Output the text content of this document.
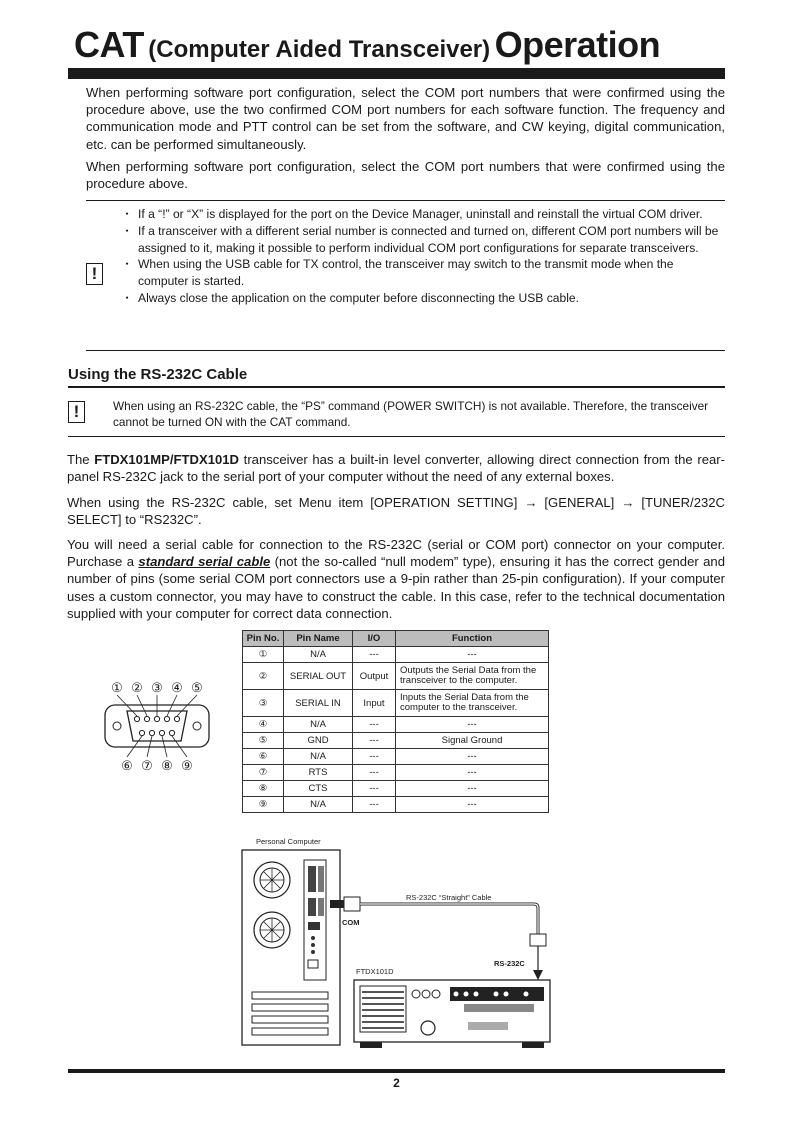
CAT (Computer Aided Transceiver) Operation

When performing software port configuration, select the COM port numbers that were confirmed using the procedure above, use the two confirmed COM port numbers for each software function. The frequency and communication mode and PTT control can be set from the software, and CW keying, digital communication, etc. can be performed simultaneously.

When performing software port configuration, select the COM port numbers that were confirmed using the procedure above.

!
・ If a “!” or “X” is displayed for the port on the Device Manager, uninstall and reinstall the virtual COM driver.
・ If a transceiver with a different serial number is connected and turned on, different COM port numbers will be assigned to it, making it possible to perform individual COM port configurations for separate transceivers.
・ When using the USB cable for TX control, the transceiver may switch to the transmit mode when the computer is started.
・ Always close the application on the computer before disconnecting the USB cable.
Using the RS-232C Cable
!	When using an RS-232C cable, the “PS” command (POWER SWITCH) is not available. Therefore, the transceiver cannot be turned ON with the CAT command.

The FTDX101MP/FTDX101D transceiver has a built-in level converter, allowing direct connection from the rear-panel RS-232C jack to the serial port of your computer without the need of any external boxes.

When using the RS-232C cable, set Menu item [OPERATION SETTING] → [GENERAL] → [TUNER/232C SELECT] to “RS232C”.

You will need a serial cable for connection to the RS-232C (serial or COM port) connector on your computer. Purchase a standard serial cable (not the so-called “null modem” type), ensuring it has the correct gender and number of pins (some serial COM port connectors use a 9-pin rather than 25-pin configuration). If your computer uses a custom connector, you may have to construct the cable. In this case, refer to the technical documentation supplied with your computer for correct data connection.

① ② ③ ④ ⑤
⑥ ⑦ ⑧ ⑨
Pin No.	Pin Name	I/O	Function
①	N/A	---	---
②	SERIAL OUT	Output	Outputs the Serial Data from the transceiver to the computer.
③	SERIAL IN	Input	Inputs the Serial Data from the computer to the transceiver.
④	N/A	---	---
⑤	GND	---	Signal Ground
⑥	N/A	---	---
⑦	RTS	---	---
⑧	CTS	---	---
⑨	N/A	---	---
Personal Computer
COM
RS-232C “Straight” Cable
RS-232C
FTDX101D
2
